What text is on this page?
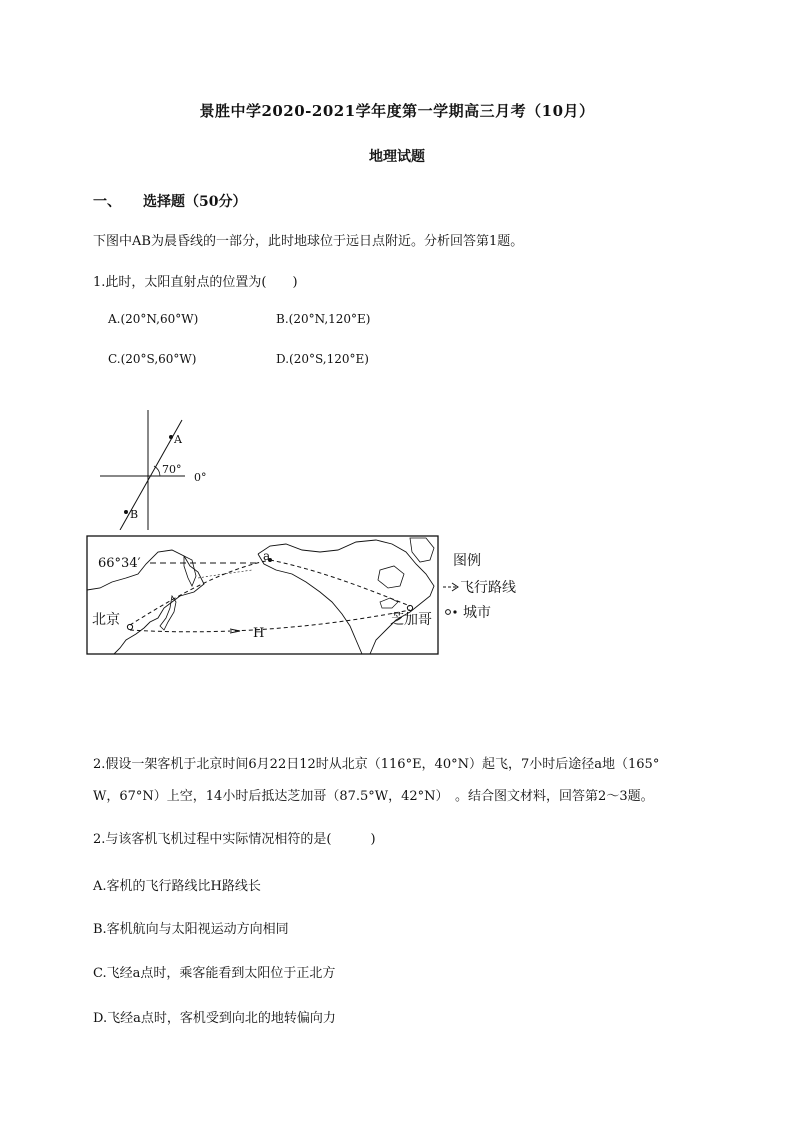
景胜中学2020-2021学年度第一学期高三月考（10月）
地理试题
一、 选择题（50分）
下图中AB为晨昏线的一部分，此时地球位于远日点附近。分析回答第1题。
1.此时，太阳直射点的位置为(　　)
A.(20°N,60°W)	B.(20°N,120°E)
C.(20°S,60°W)	D.(20°S,120°E)
A
B
70°
0°
66°34′	a
北京	芝加哥
H
图例
飞行路线
城市
2.假设一架客机于北京时间6月22日12时从北京（116°E，40°N）起飞，7小时后途径a地（165°
W，67°N）上空，14小时后抵达芝加哥（87.5°W，42°N）　。结合图文材料，回答第2～3题。
2.与该客机飞机过程中实际情况相符的是(　　　)
A.客机的飞行路线比H路线长
B.客机航向与太阳视运动方向相同
C.飞经a点时，乘客能看到太阳位于正北方
D.飞经a点时，客机受到向北的地转偏向力
